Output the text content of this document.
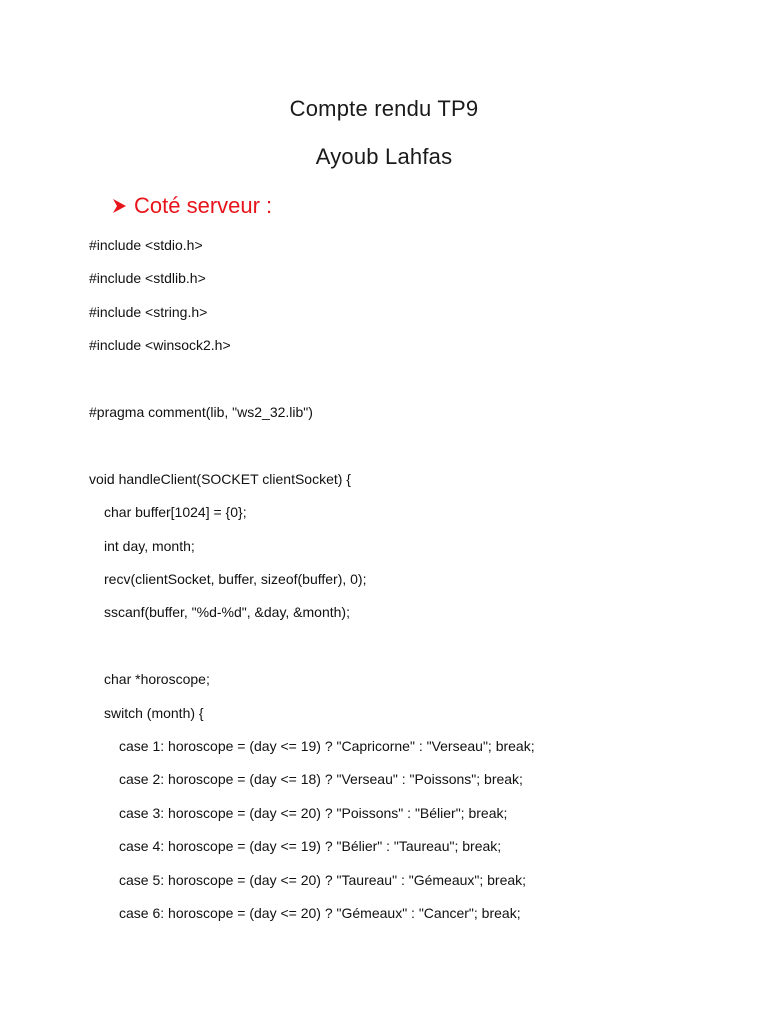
Compte rendu TP9
Ayoub Lahfas
Coté serveur :
#include <stdio.h>
#include <stdlib.h>
#include <string.h>
#include <winsock2.h>
#pragma comment(lib, "ws2_32.lib")
void handleClient(SOCKET clientSocket) {
char buffer[1024] = {0};
int day, month;
recv(clientSocket, buffer, sizeof(buffer), 0);
sscanf(buffer, "%d-%d", &day, &month);
char *horoscope;
switch (month) {
case 1: horoscope = (day <= 19) ? "Capricorne" : "Verseau"; break;
case 2: horoscope = (day <= 18) ? "Verseau" : "Poissons"; break;
case 3: horoscope = (day <= 20) ? "Poissons" : "Bélier"; break;
case 4: horoscope = (day <= 19) ? "Bélier" : "Taureau"; break;
case 5: horoscope = (day <= 20) ? "Taureau" : "Gémeaux"; break;
case 6: horoscope = (day <= 20) ? "Gémeaux" : "Cancer"; break;
